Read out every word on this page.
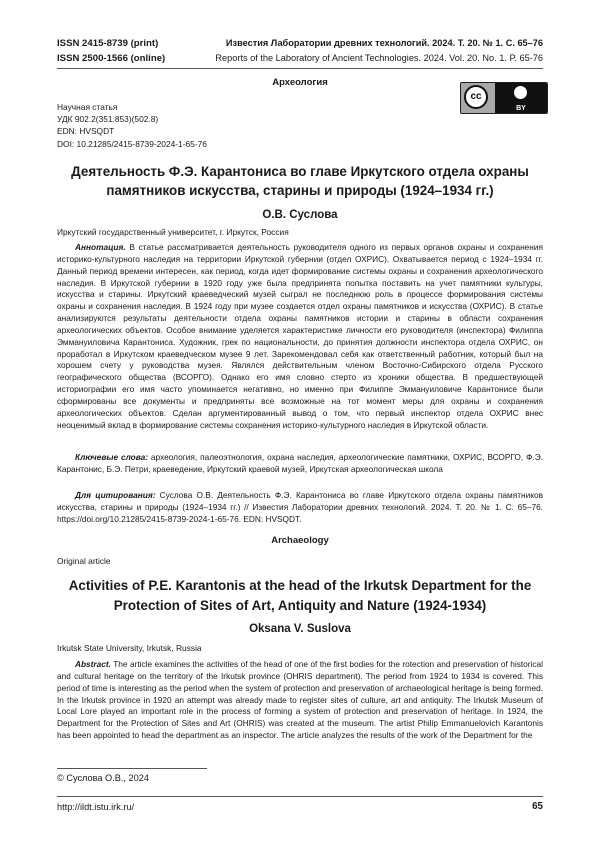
ISSN 2415-8739 (print)
ISSN 2500-1566 (online)
Известия Лаборатории древних технологий. 2024. Т. 20. № 1. С. 65–76
Reports of the Laboratory of Ancient Technologies. 2024. Vol. 20. No. 1. P. 65-76
Археология
cc
BY
Научная статья
УДК 902.2(351.853)(502.8)
EDN: HVSQDT
DOI: 10.21285/2415-8739-2024-1-65-76
Деятельность Ф.Э. Карантониса во главе Иркутского отдела охраны памятников искусства, старины и природы (1924–1934 гг.)
О.В. Суслова
Иркутский государственный университет, г. Иркутск, Россия

Аннотация. В статье рассматривается деятельность руководителя одного из первых органов охраны и сохранения историко-культурного наследия на территории Иркутской губернии (отдел ОХРИС). Охватывается период с 1924–1934 гг. Данный период времени интересен, как период, когда идет формирование системы охраны и сохранения археологического наследия. В Иркутской губернии в 1920 году уже была предпринята попытка поставить на учет памятники культуры, искусства и старины. Иркутский краеведческий музей сыграл не последнюю роль в процессе формирования системы охраны и сохранения наследия. В 1924 году при музее создается отдел охраны памятников и искусства (ОХРИС). В статье анализируются результаты деятельности отдела охраны памятников истории и старины в области сохранения археологических объектов. Особое внимание уделяется характеристике личности его руководителя (инспектора) Филиппа Эммануиловича Карантониса. Художник, грек по национальности, до принятия должности инспектора отдела ОХРИС, он проработал в Иркутском краеведческом музее 9 лет. Зарекомендовал себя как ответственный работник, который был на хорошем счету у руководства музея. Являлся действительным членом Восточно-Сибирского отдела Русского географического общества (ВСОРГО). Однако его имя словно стерто из хроники общества. В предшествующей историографии его имя часто упоминается негативно, но именно при Филиппе Эммануиловиче Карантонисе были сформированы все документы и предприняты все возможные на тот момент меры для охраны и сохранения археологических объектов. Сделан аргументированный вывод о том, что первый инспектор отдела ОХРИС внес неоценимый вклад в формирование системы сохранения историко-культурного наследия в Иркутской области.

Ключевые слова: археология, палеоэтнология, охрана наследия, археологические памятники, ОХРИС, ВСОРГО, Ф.Э. Карантонис, Б.Э. Петри, краеведение, Иркутский краевой музей, Иркутская археологическая школа

Для цитирования: Суслова О.В. Деятельность Ф.Э. Карантониса во главе Иркутского отдела охраны памятников искусства, старины и природы (1924–1934 гг.) // Известия Лаборатории древних технологий. 2024. Т. 20. № 1. С. 65–76. https://doi.org/10.21285/2415-8739-2024-1-65-76. EDN: HVSQDT.

Archaeology
Original article
Activities of P.E. Karantonis at the head of the Irkutsk Department for the Protection of Sites of Art, Antiquity and Nature (1924-1934)
Oksana V. Suslova
Irkutsk State University, Irkutsk, Russia

Abstract. The article examines the activities of the head of one of the first bodies for the rotection and preservation of historical and cultural heritage on the territory of the Irkutsk province (OHRIS department). The period from 1924 to 1934 is covered. This period of time is interesting as the period when the system of protection and preservation of archaeological heritage is being formed. In the Irkutsk province in 1920 an attempt was already made to register sites of culture, art and antiquity. The Irkutsk Museum of Local Lore played an important role in the process of forming a system of protection and preservation of heritage. In 1924, the Department for the Protection of Sites and Art (OHRIS) was created at the museum. The artist Philip Emmanuelovich Karantonis has been appointed to head the department as an inspector. The article analyzes the results of the work of the Department for the

© Суслова О.В., 2024
http://ildt.istu.irk.ru/	65
